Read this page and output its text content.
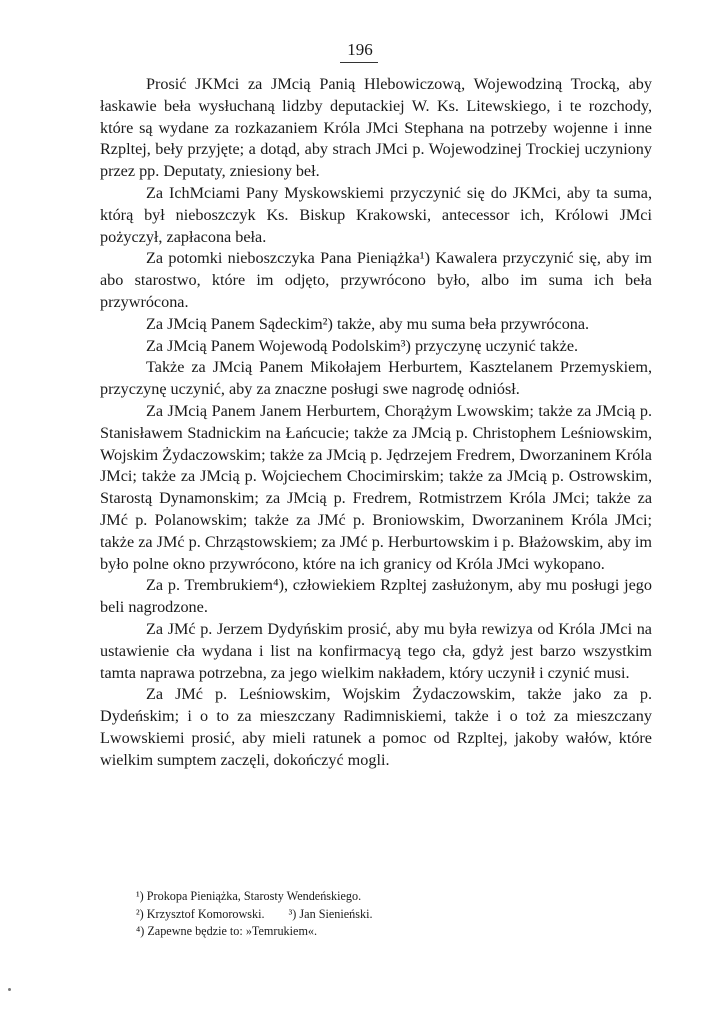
196

Prosić JKMci za JMcią Panią Hlebowiczową, Wojewodziną Trocką, aby łaskawie beła wysłuchaną lidzby deputackiej W. Ks. Litewskiego, i te rozchody, które są wydane za rozkazaniem Króla JMci Stephana na potrzeby wojenne i inne Rzpltej, beły przyjęte; a dotąd, aby strach JMci p. Wojewodzinej Trockiej uczyniony przez pp. Deputaty, zniesiony beł.

Za IchMciami Pany Myskowskiemi przyczynić się do JKMci, aby ta suma, którą był nieboszczyk Ks. Biskup Krakowski, antecessor ich, Królowi JMci pożyczył, zapłacona beła.

Za potomki nieboszczyka Pana Pieniążka¹) Kawalera przyczynić się, aby im abo starostwo, które im odjęto, przywrócono było, albo im suma ich beła przywrócona.

Za JMcią Panem Sądeckim²) także, aby mu suma beła przywrócona.

Za JMcią Panem Wojewodą Podolskim³) przyczynę uczynić także.

Także za JMcią Panem Mikołajem Herburtem, Kasztelanem Przemyskiem, przyczynę uczynić, aby za znaczne posługi swe nagrodę odniósł.

Za JMcią Panem Janem Herburtem, Chorążym Lwowskim; także za JMcią p. Stanisławem Stadnickim na Łańcucie; także za JMcią p. Christophem Leśniowskim, Wojskim Żydaczowskim; także za JMcią p. Jędrzejem Fredrem, Dworzaninem Króla JMci; także za JMcią p. Wojciechem Chocimirskim; także za JMcią p. Ostrowskim, Starostą Dynamonskim; za JMcią p. Fredrem, Rotmistrzem Króla JMci; także za JMć p. Polanowskim; także za JMć p. Broniowskim, Dworzaninem Króla JMci; także za JMć p. Chrząstowskiem; za JMć p. Herburtowskim i p. Błażowskim, aby im było polne okno przywrócono, które na ich granicy od Króla JMci wykopano.

Za p. Trembrukiem⁴), człowiekiem Rzpltej zasłużonym, aby mu posługi jego beli nagrodzone.

Za JMć p. Jerzem Dydyńskim prosić, aby mu była rewizya od Króla JMci na ustawienie cła wydana i list na konfirmacyą tego cła, gdyż jest barzo wszystkim tamta naprawa potrzebna, za jego wielkim nakładem, który uczynił i czynić musi.

Za JMć p. Leśniowskim, Wojskim Żydaczowskim, także jako za p. Dydeńskim; i o to za mieszczany Radimniskiemi, także i o toż za mieszczany Lwowskiemi prosić, aby mieli ratunek a pomoc od Rzpltej, jakoby wałów, które wielkim sumptem zaczęli, dokończyć mogli.

¹) Prokopa Pieniążka, Starosty Wendeńskiego.
²) Krzysztof Komorowski. ³) Jan Sienieński.
⁴) Zapewne będzie to: »Temrukiem«.
